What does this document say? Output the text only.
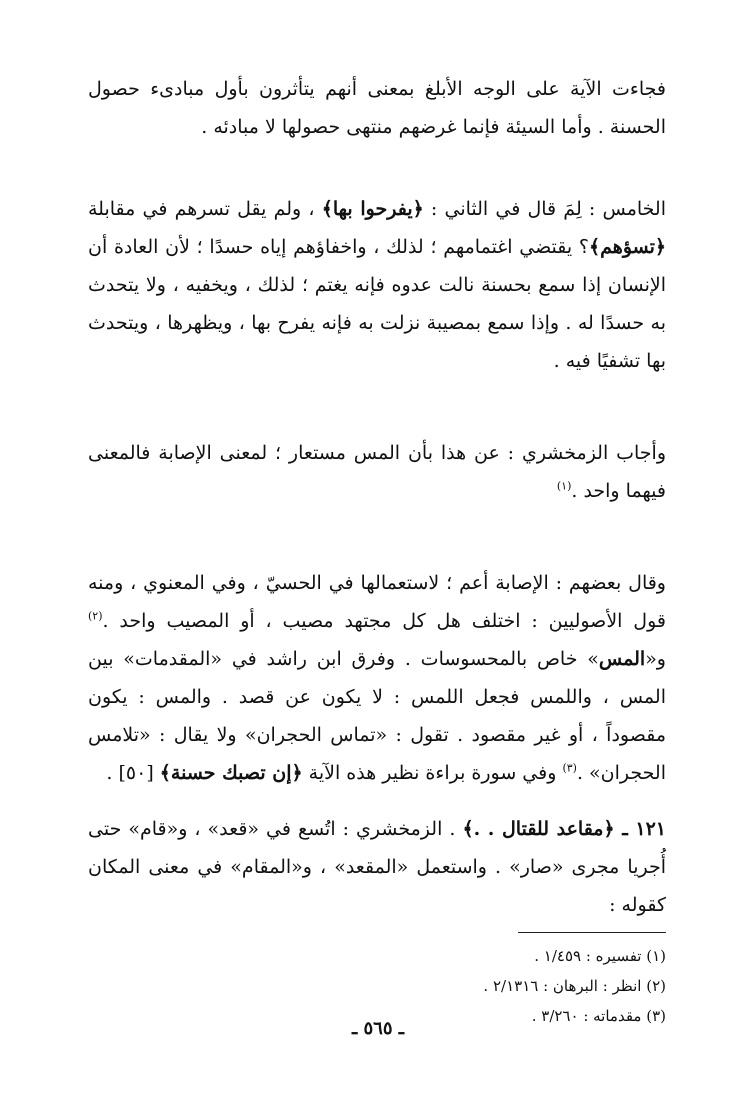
فجاءت الآية على الوجه الأبلغ بمعنى أنهم يتأثرون بأول مبادىء حصول الحسنة . وأما السيئة فإنما غرضهم منتهى حصولها لا مبادئه .

الخامس : لِمَ قال في الثاني : ﴿يفرحوا بها﴾ ، ولم يقل تسرهم في مقابلة ﴿تسؤهم﴾؟ يقتضي اغتمامهم ؛ لذلك ، واخفاؤهم إياه حسدًا ؛ لأن العادة أن الإنسان إذا سمع بحسنة نالت عدوه فإنه يغتم ؛ لذلك ، ويخفيه ، ولا يتحدث به حسدًا له . وإذا سمع بمصيبة نزلت به فإنه يفرح بها ، ويظهرها ، ويتحدث بها تشفيًا فيه .

وأجاب الزمخشري : عن هذا بأن المس مستعار ؛ لمعنى الإصابة فالمعنى فيهما واحد .$^{(١)}$

وقال بعضهم : الإصابة أعم ؛ لاستعمالها في الحسيّ ، وفي المعنوي ، ومنه قول الأصوليين : اختلف هل كل مجتهد مصيب ، أو المصيب واحد .$^{(٢)}$ و«المس» خاص بالمحسوسات . وفرق ابن راشد في «المقدمات» بين المس ، واللمس فجعل اللمس : لا يكون عن قصد . والمس : يكون مقصوداً ، أو غير مقصود . تقول : «تماس الحجران» ولا يقال : «تلامس الحجران» .$^{(٣)}$ وفي سورة براءة نظير هذه الآية ﴿إن تصبك حسنة﴾ [٥٠] .

١٢١ ـ ﴿مقاعد للقتال . .﴾ . الزمخشري : اتُسع في «قعد» ، و«قام» حتى أُجريا مجرى «صار» . واستعمل «المقعد» ، و«المقام» في معنى المكان كقوله :

(١) تفسيره : ١/٤٥٩ .

(٢) انظر : البرهان : ٢/١٣١٦ .

(٣) مقدماته : ٣/٢٦٠ .

ـ ٥٦٥ ـ
